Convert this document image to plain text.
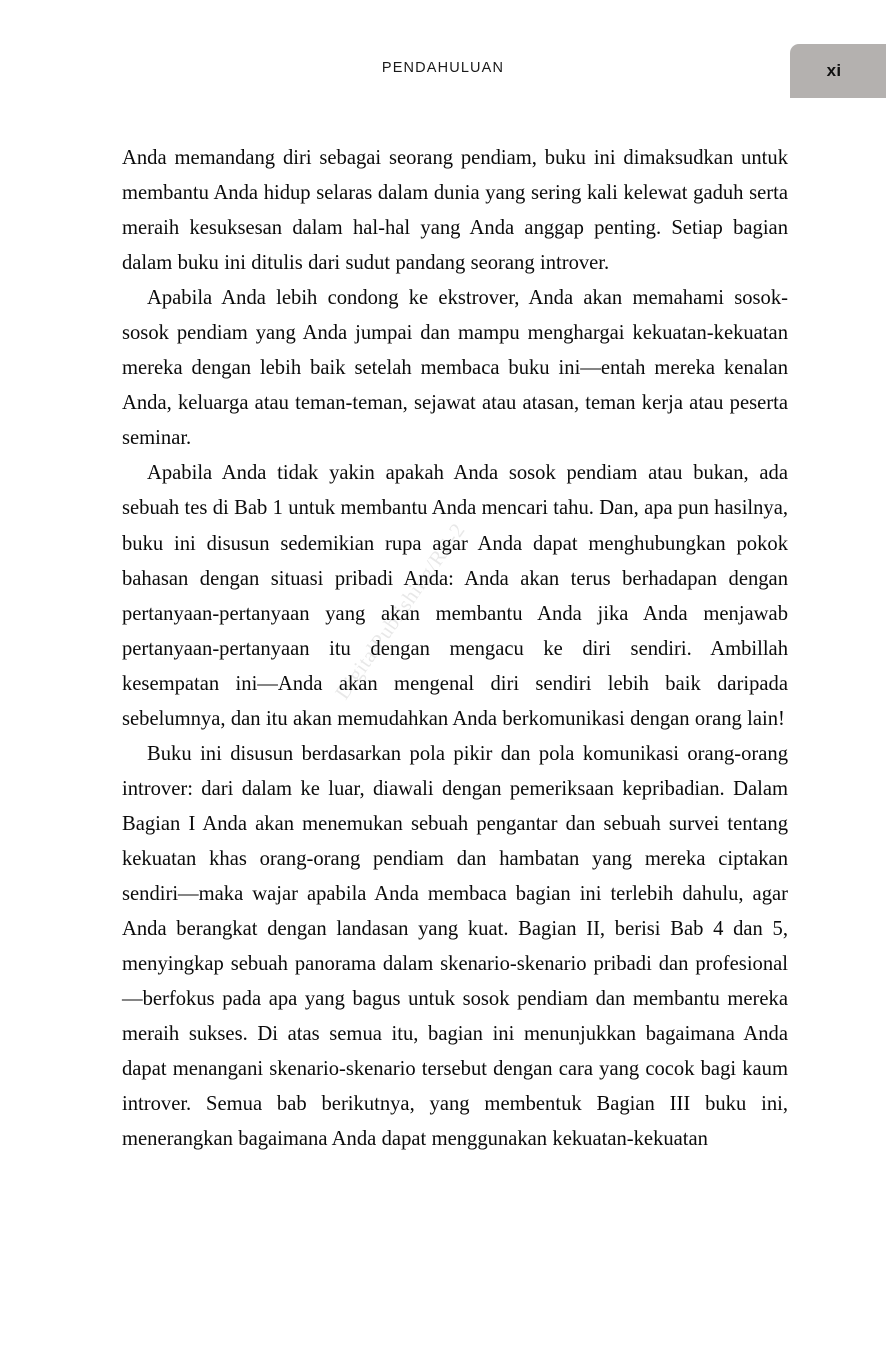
PENDAHULUAN	xi
DigitalPublishing/RE-2

Anda memandang diri sebagai seorang pendiam, buku ini dimaksudkan untuk membantu Anda hidup selaras dalam dunia yang sering kali kelewat gaduh serta meraih kesuksesan dalam hal-hal yang Anda anggap penting. Setiap bagian dalam buku ini ditulis dari sudut pandang seorang introver.

Apabila Anda lebih condong ke ekstrover, Anda akan memahami sosok-sosok pendiam yang Anda jumpai dan mampu menghargai kekuatan-kekuatan mereka dengan lebih baik setelah membaca buku ini—entah mereka kenalan Anda, keluarga atau teman-teman, sejawat atau atasan, teman kerja atau peserta seminar.

Apabila Anda tidak yakin apakah Anda sosok pendiam atau bukan, ada sebuah tes di Bab 1 untuk membantu Anda mencari tahu. Dan, apa pun hasilnya, buku ini disusun sedemikian rupa agar Anda dapat menghubungkan pokok bahasan dengan situasi pribadi Anda: Anda akan terus berhadapan dengan pertanyaan-pertanyaan yang akan membantu Anda jika Anda menjawab pertanyaan-pertanyaan itu dengan mengacu ke diri sendiri. Ambillah kesempatan ini—Anda akan mengenal diri sendiri lebih baik daripada sebelumnya, dan itu akan memudahkan Anda berkomunikasi dengan orang lain!

Buku ini disusun berdasarkan pola pikir dan pola komunikasi orang-orang introver: dari dalam ke luar, diawali dengan pemeriksaan kepribadian. Dalam Bagian I Anda akan menemukan sebuah pengantar dan sebuah survei tentang kekuatan khas orang-orang pendiam dan hambatan yang mereka ciptakan sendiri—maka wajar apabila Anda membaca bagian ini terlebih dahulu, agar Anda berangkat dengan landasan yang kuat. Bagian II, berisi Bab 4 dan 5, menyingkap sebuah panorama dalam skenario-skenario pribadi dan profesional—berfokus pada apa yang bagus untuk sosok pendiam dan membantu mereka meraih sukses. Di atas semua itu, bagian ini menunjukkan bagaimana Anda dapat menangani skenario-skenario tersebut dengan cara yang cocok bagi kaum introver. Semua bab berikutnya, yang membentuk Bagian III buku ini, menerangkan bagaimana Anda dapat menggunakan kekuatan-kekuatan
